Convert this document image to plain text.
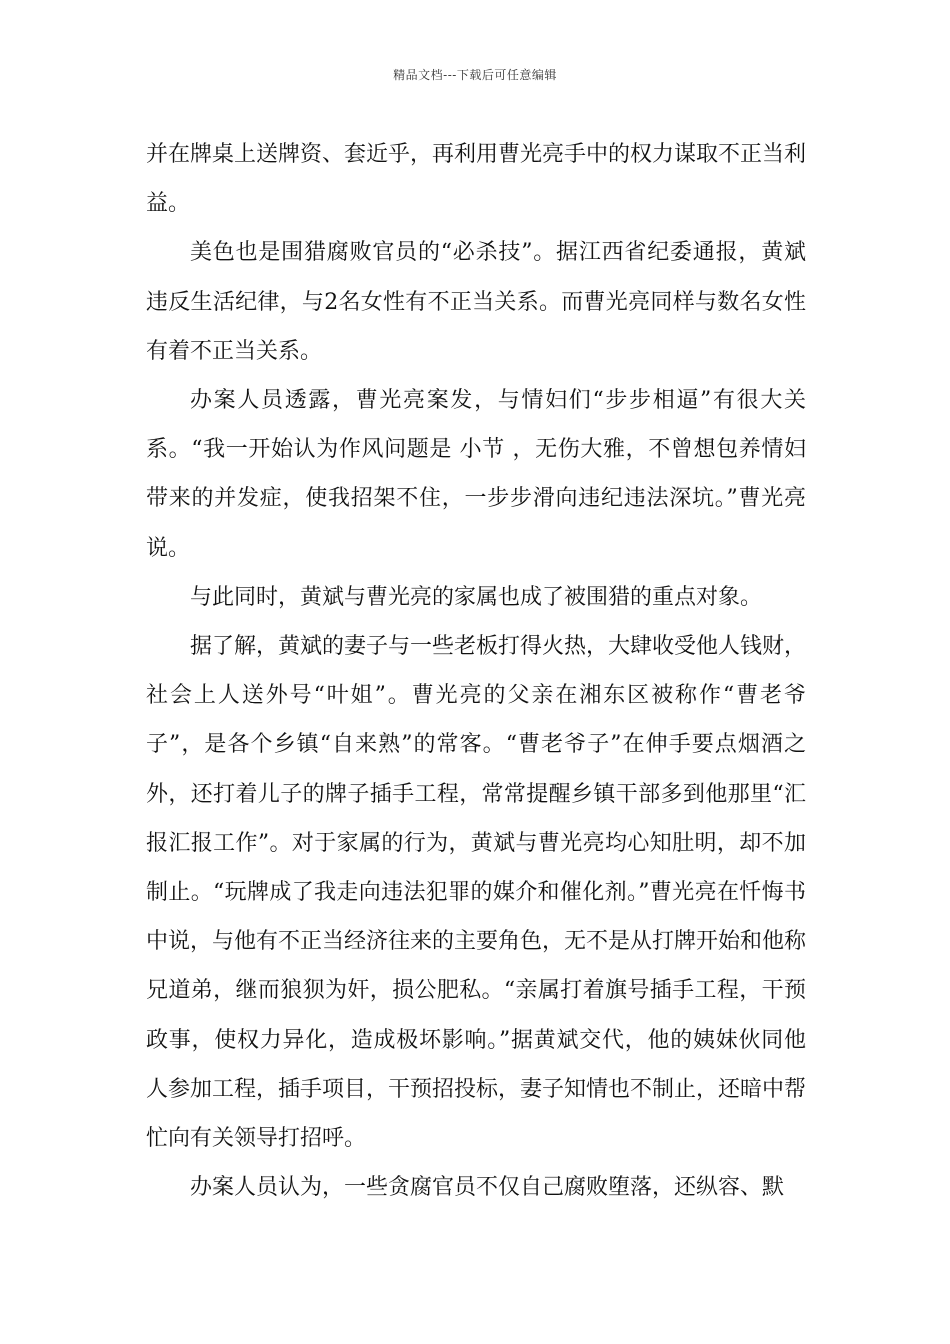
精品文档---下载后可任意编辑

并在牌桌上送牌资、套近乎，再利用曹光亮手中的权力谋取不正当利益。

美色也是围猎腐败官员的“必杀技”。据江西省纪委通报，黄斌违反生活纪律，与2名女性有不正当关系。而曹光亮同样与数名女性有着不正当关系。

办案人员透露，曹光亮案发，与情妇们“步步相逼”有很大关系。“我一开始认为作风问题是 小节 ，无伤大雅，不曾想包养情妇带来的并发症，使我招架不住，一步步滑向违纪违法深坑。”曹光亮说。

与此同时，黄斌与曹光亮的家属也成了被围猎的重点对象。

据了解，黄斌的妻子与一些老板打得火热，大肆收受他人钱财，社会上人送外号“叶姐”。曹光亮的父亲在湘东区被称作“曹老爷子”，是各个乡镇“自来熟”的常客。“曹老爷子”在伸手要点烟酒之外，还打着儿子的牌子插手工程，常常提醒乡镇干部多到他那里“汇报汇报工作”。对于家属的行为，黄斌与曹光亮均心知肚明，却不加制止。“玩牌成了我走向违法犯罪的媒介和催化剂。”曹光亮在忏悔书中说，与他有不正当经济往来的主要角色，无不是从打牌开始和他称兄道弟，继而狼狈为奸，损公肥私。“亲属打着旗号插手工程，干预政事，使权力异化，造成极坏影响。”据黄斌交代，他的姨妹伙同他人参加工程，插手项目，干预招投标，妻子知情也不制止，还暗中帮忙向有关领导打招呼。

办案人员认为，一些贪腐官员不仅自己腐败堕落，还纵容、默
